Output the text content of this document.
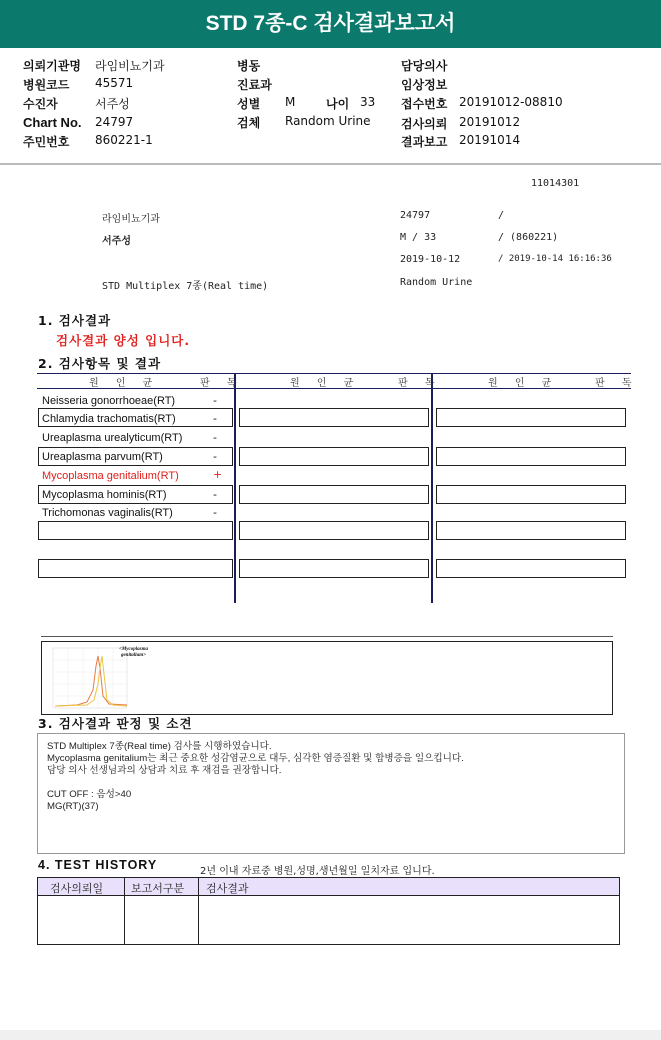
STD 7종-C 검사결과보고서
의뢰기관명 라임비뇨기과
병원코드 45571
수진자	서주성
Chart No. 24797
주민번호 860221-1
병동
진료과
성별 M	나이 33
검체 Random Urine
담당의사
임상정보
접수번호 20191012-08810
검사의뢰 20191012
결과보고 20191014
11014301
라임비뇨기과	24797	/
서주성	M / 33	/ (860221)
2019-10-12	/ 2019-10-14 16:16:36
STD Multiplex 7종(Real time)	Random Urine
1. 검사결과
검사결과 양성 입니다.
2. 검사항목 및 결과
원 인 균	판 독	원 인 균	판 독	원 인 균	판 독
Neisseria gonorrhoeae(RT)	-
Chlamydia trachomatis(RT)	-
Ureaplasma urealyticum(RT)	-
Ureaplasma parvum(RT)	-
Mycoplasma genitalium(RT)	+
Mycoplasma hominis(RT)	-
Trichomonas vaginalis(RT)	-
<Mycoplasma
genitalium>
3. 검사결과 판정 및 소견
STD Multiplex 7종(Real time) 검사를 시행하였습니다.
Mycoplasma genitalium는 최근 중요한 성감염균으로 대두, 심각한 염증질환 및 합병증을 일으킵니다.
담당 의사 선생님과의 상담과 치료 후 재검을 권장합니다.
CUT OFF : 음성>40
MG(RT)(37)
4. TEST HISTORY	2년 이내 자료중 병원,성명,생년월일 일치자료 입니다.
검사의뢰일	보고서구분 검사결과
